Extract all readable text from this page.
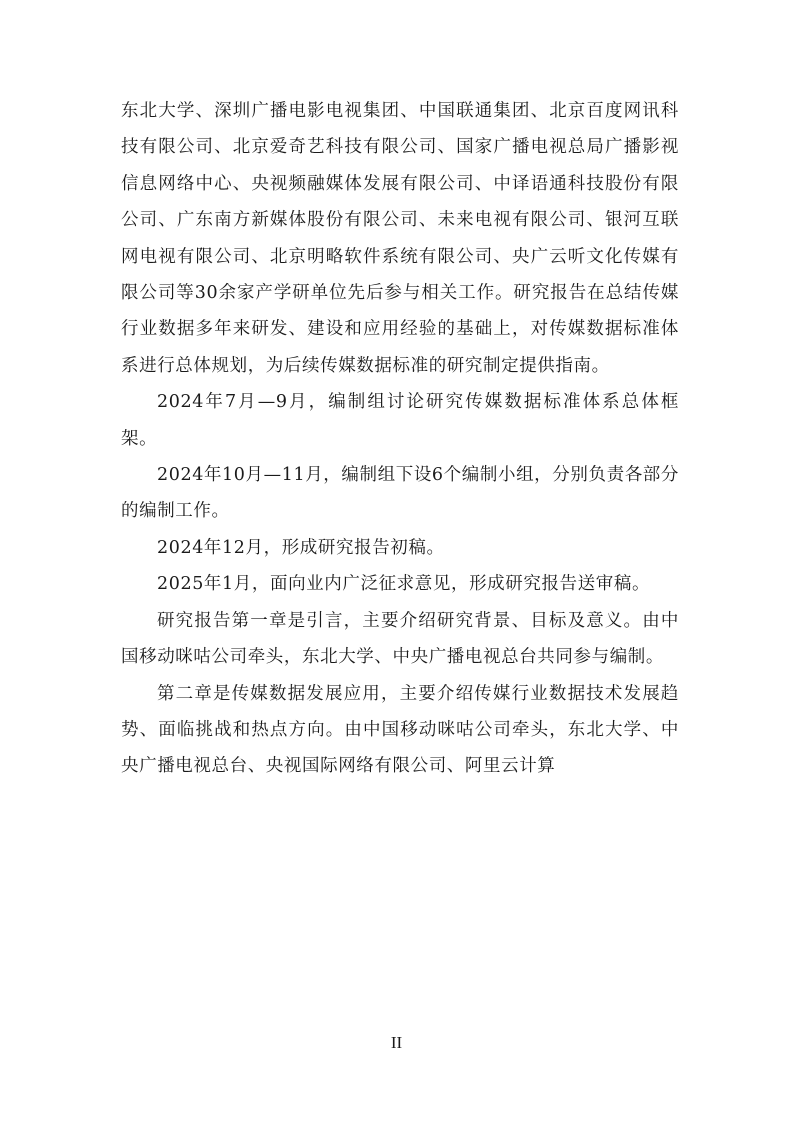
东北大学、深圳广播电影电视集团、中国联通集团、北京百度网讯科技有限公司、北京爱奇艺科技有限公司、国家广播电视总局广播影视信息网络中心、央视频融媒体发展有限公司、中译语通科技股份有限公司、广东南方新媒体股份有限公司、未来电视有限公司、银河互联网电视有限公司、北京明略软件系统有限公司、央广云听文化传媒有限公司等30余家产学研单位先后参与相关工作。研究报告在总结传媒行业数据多年来研发、建设和应用经验的基础上，对传媒数据标准体系进行总体规划，为后续传媒数据标准的研究制定提供指南。

2024年7月—9月，编制组讨论研究传媒数据标准体系总体框架。

2024年10月—11月，编制组下设6个编制小组，分别负责各部分的编制工作。

2024年12月，形成研究报告初稿。

2025年1月，面向业内广泛征求意见，形成研究报告送审稿。

研究报告第一章是引言，主要介绍研究背景、目标及意义。由中国移动咪咕公司牵头，东北大学、中央广播电视总台共同参与编制。

第二章是传媒数据发展应用，主要介绍传媒行业数据技术发展趋势、面临挑战和热点方向。由中国移动咪咕公司牵头，东北大学、中央广播电视总台、央视国际网络有限公司、阿里云计算

II
